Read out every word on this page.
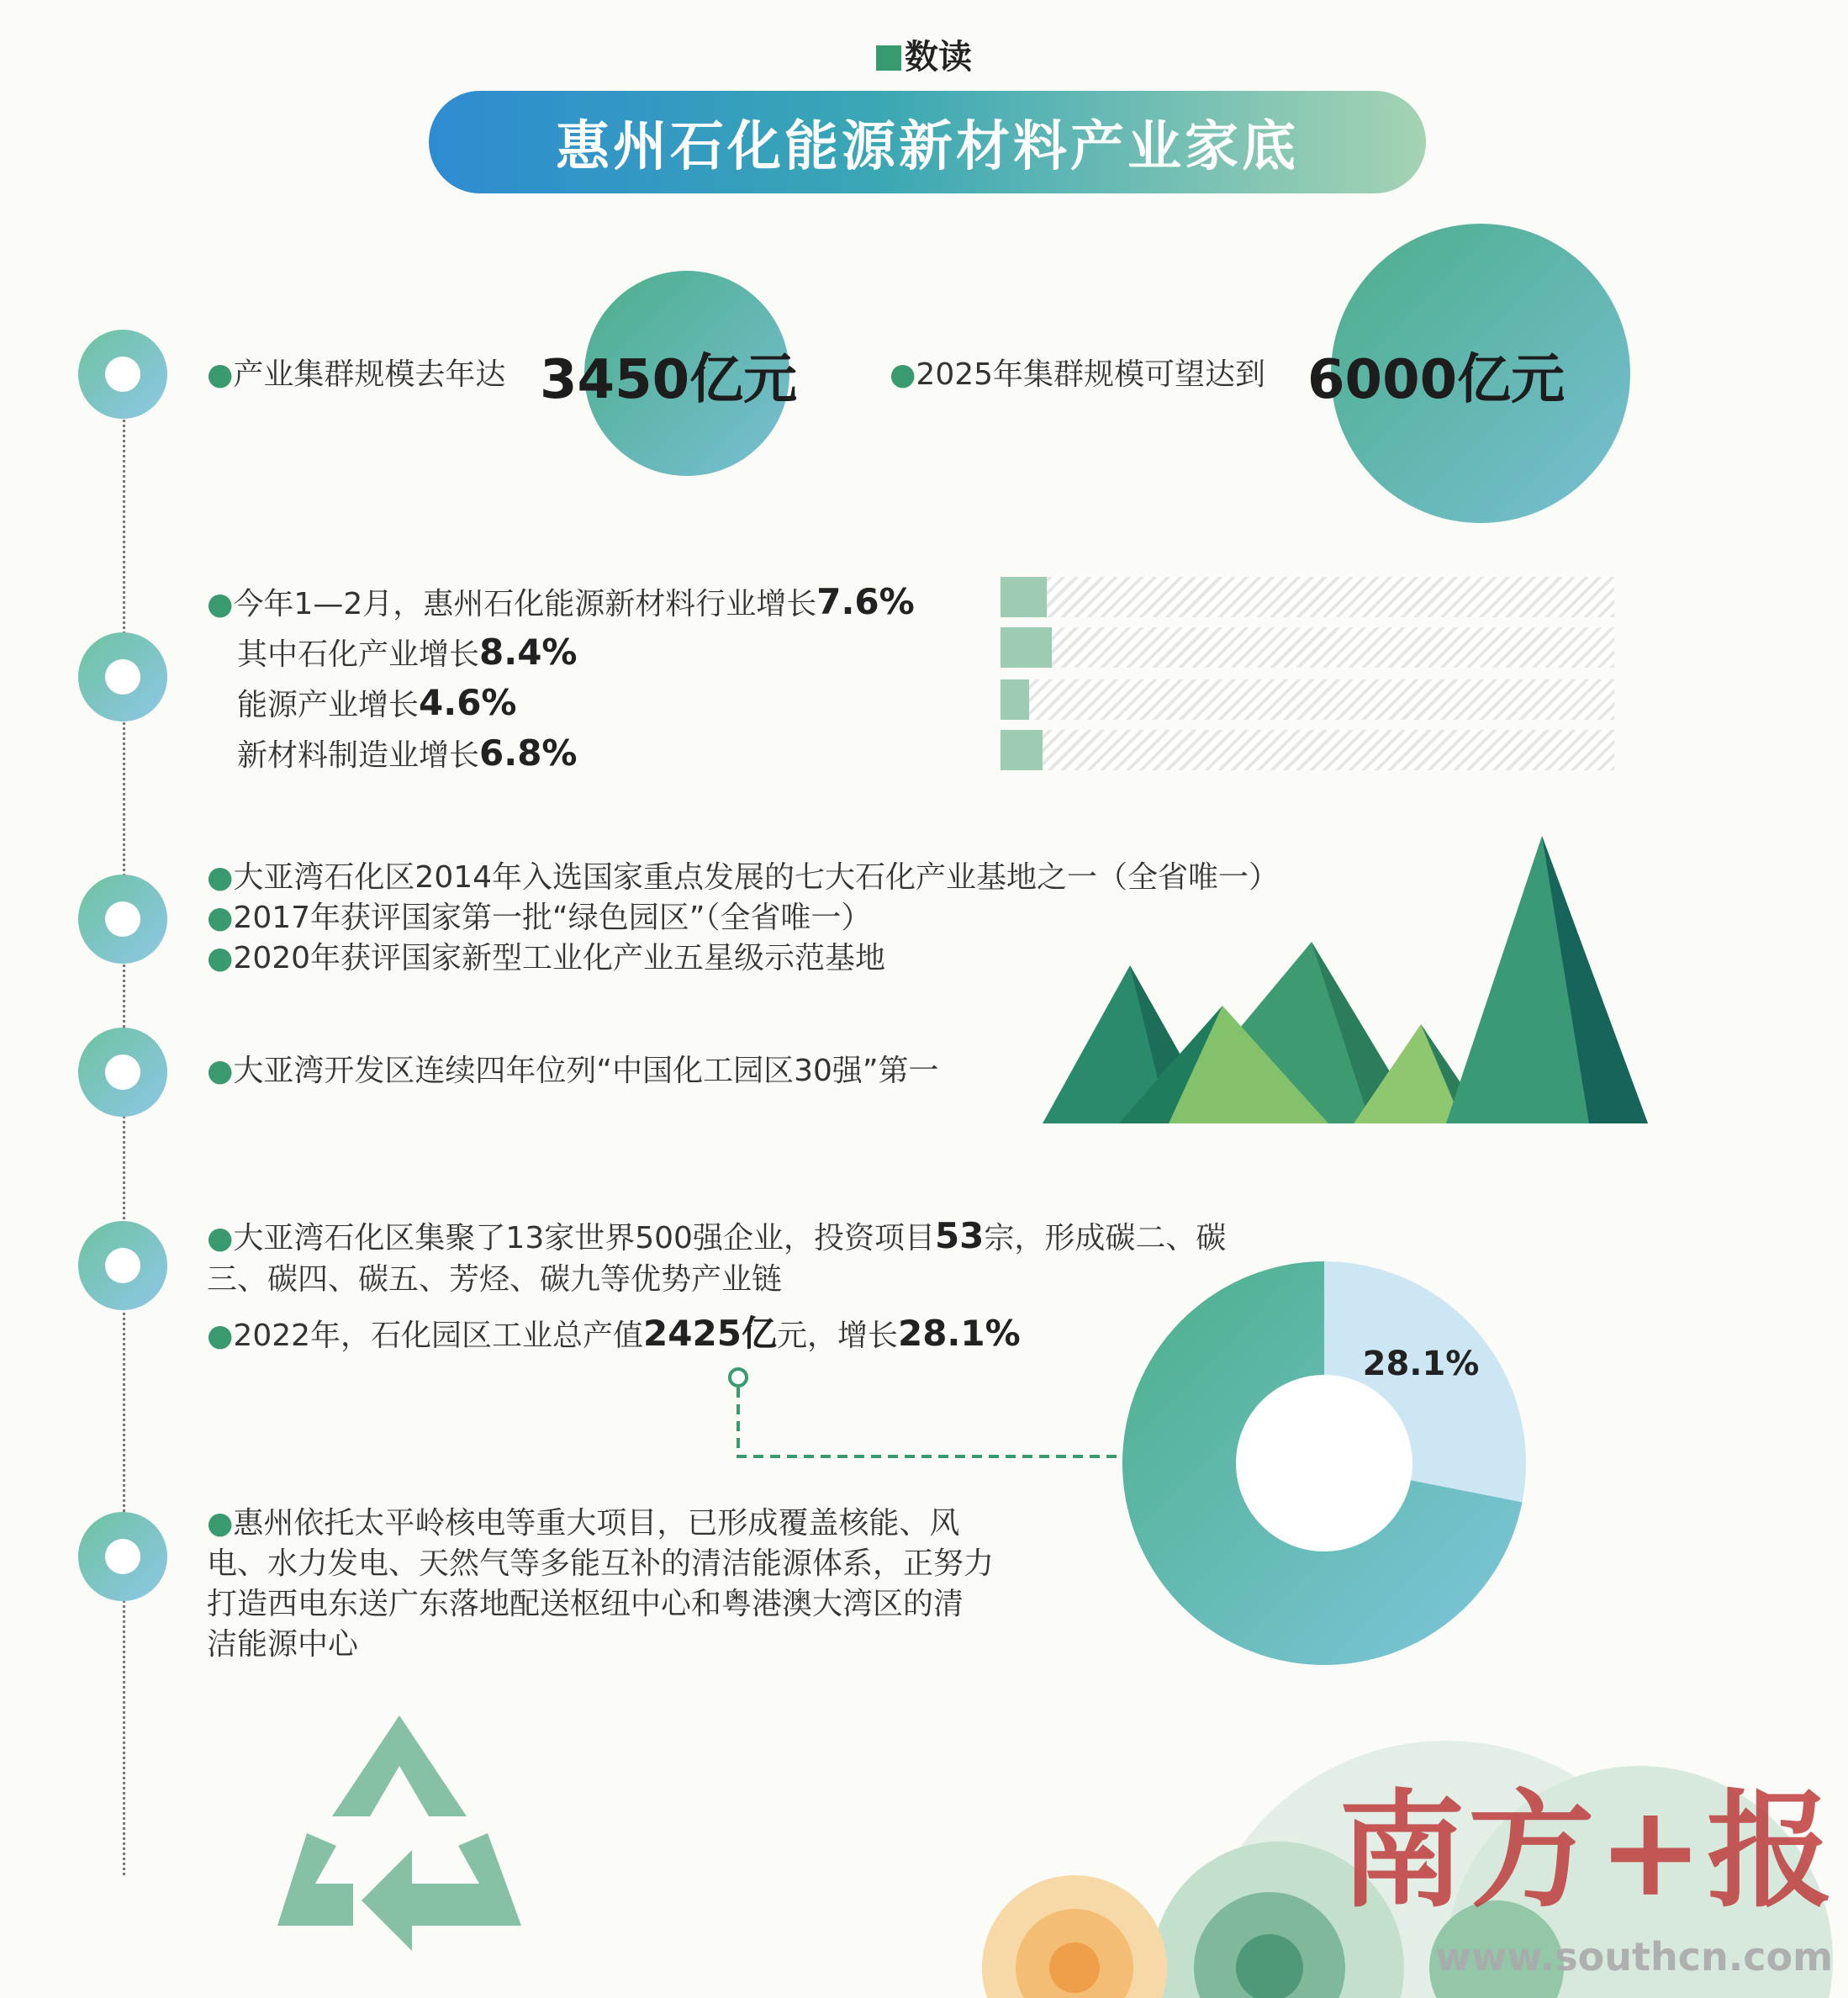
数读
惠州石化能源新材料产业家底
●产业集群规模去年达 3450亿元	●2025年集群规模可望达到 6000亿元
●今年1—2月，惠州石化能源新材料行业增长7.6%
其中石化产业增长8.4%
能源产业增长4.6%
新材料制造业增长6.8%
●大亚湾石化区2014年入选国家重点发展的七大石化产业基地之一（全省唯一）
●2017年获评国家第一批“绿色园区”（全省唯一）
●2020年获评国家新型工业化产业五星级示范基地
●大亚湾开发区连续四年位列“中国化工园区30强”第一
●大亚湾石化区集聚了13家世界500强企业，投资项目53宗，形成碳二、碳
三、碳四、碳五、芳烃、碳九等优势产业链
●2022年，石化园区工业总产值2425亿元，增长28.1%
28.1%
●惠州依托太平岭核电等重大项目，已形成覆盖核能、风
电、水力发电、天然气等多能互补的清洁能源体系，正努力
打造西电东送广东落地配送枢纽中心和粤港澳大湾区的清
洁能源中心
南方+报
www.southcn.com
